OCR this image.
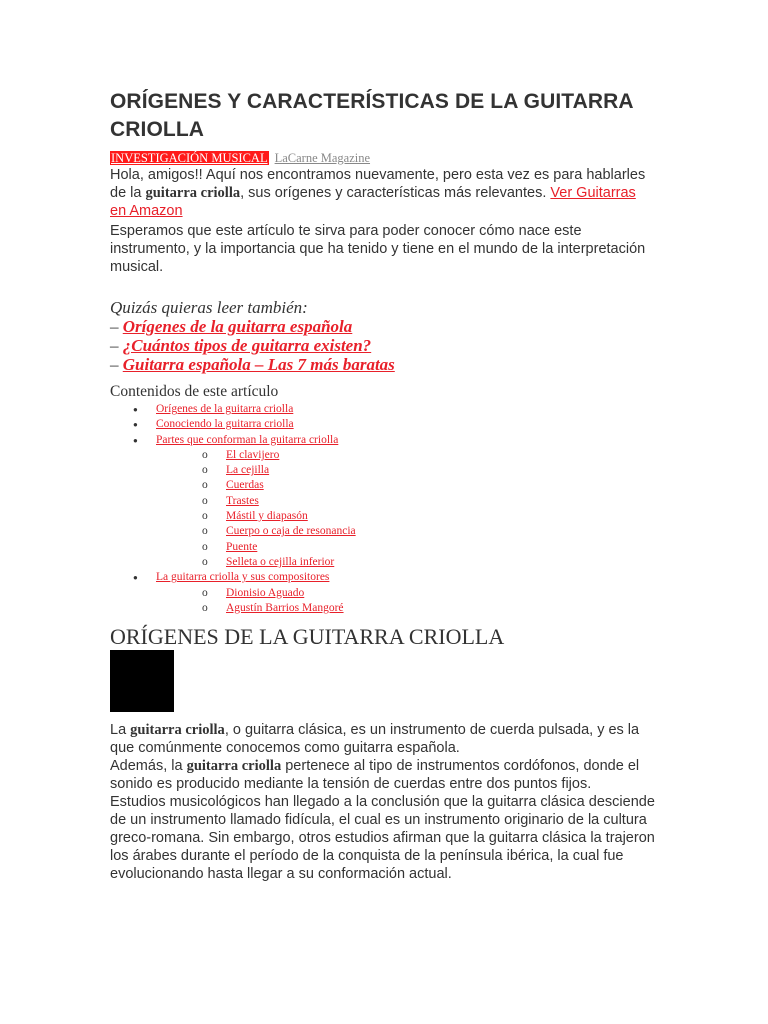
ORÍGENES Y CARACTERÍSTICAS DE LA GUITARRA CRIOLLA
INVESTIGACIÓN MUSICAL LaCarne Magazine
Hola, amigos!! Aquí nos encontramos nuevamente, pero esta vez es para hablarles de la guitarra criolla, sus orígenes y características más relevantes. Ver Guitarras en Amazon
Esperamos que este artículo te sirva para poder conocer cómo nace este instrumento, y la importancia que ha tenido y tiene en el mundo de la interpretación musical.
Quizás quieras leer también:
– Orígenes de la guitarra española
– ¿Cuántos tipos de guitarra existen?
– Guitarra española – Las 7 más baratas
Contenidos de este artículo
● Orígenes de la guitarra criolla
● Conociendo la guitarra criolla
● Partes que conforman la guitarra criolla
o El clavijero
o La cejilla
o Cuerdas
o Trastes
o Mástil y diapasón
o Cuerpo o caja de resonancia
o Puente
o Selleta o cejilla inferior
● La guitarra criolla y sus compositores
o Dionisio Aguado
o Agustín Barrios Mangoré
ORÍGENES DE LA GUITARRA CRIOLLA
La guitarra criolla, o guitarra clásica, es un instrumento de cuerda pulsada, y es la que comúnmente conocemos como guitarra española.
Además, la guitarra criolla pertenece al tipo de instrumentos cordófonos, donde el sonido es producido mediante la tensión de cuerdas entre dos puntos fijos.
Estudios musicológicos han llegado a la conclusión que la guitarra clásica desciende de un instrumento llamado fidícula, el cual es un instrumento originario de la cultura greco-romana. Sin embargo, otros estudios afirman que la guitarra clásica la trajeron los árabes durante el período de la conquista de la península ibérica, la cual fue evolucionando hasta llegar a su conformación actual.
